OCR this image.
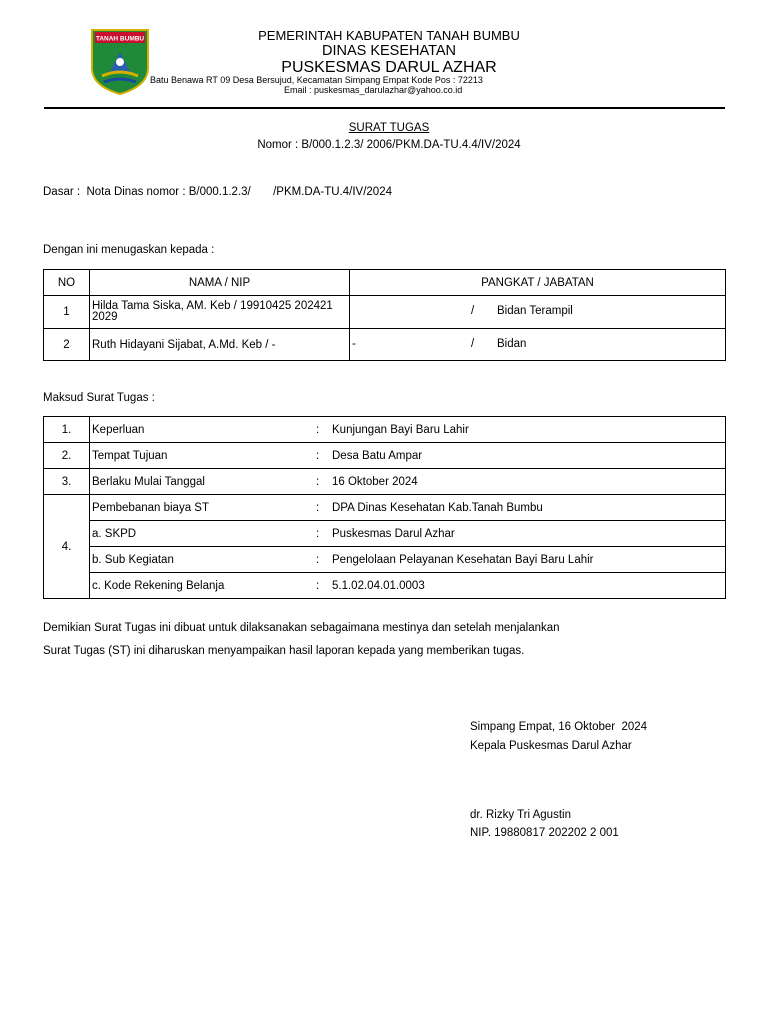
TANAH BUMBU	PEMERINTAH KABUPATEN TANAH BUMBU
DINAS KESEHATAN
PUSKESMAS DARUL AZHAR
Batu Benawa RT 09 Desa Bersujud, Kecamatan Simpang Empat Kode Pos : 72213
Email : puskesmas_darulazhar@yahoo.co.id
SURAT TUGAS
Nomor : B/000.1.2.3/ 2006/PKM.DA-TU.4.4/IV/2024
Dasar :  Nota Dinas nomor : B/000.1.2.3/       /PKM.DA-TU.4/IV/2024
Dengan ini menugaskan kepada :
NO	NAMA / NIP	PANGKAT / JABATAN
1	Hilda Tama Siska, AM. Keb / 19910425 202421 2029	/ Bidan Terampil

2	Ruth Hidayani Sijabat, A.Md. Keb / -	- / Bidan
Maksud Surat Tugas :
1.	Keperluan	:	Kunjungan Bayi Baru Lahir
2.	Tempat Tujuan	:	Desa Batu Ampar
3.	Berlaku Mulai Tanggal	:	16 Oktober 2024
4.	Pembebanan biaya ST	:	DPA Dinas Kesehatan Kab.Tanah Bumbu
	a. SKPD	:	Puskesmas Darul Azhar
	b. Sub Kegiatan	:	Pengelolaan Pelayanan Kesehatan Bayi Baru Lahir
	c. Kode Rekening Belanja	:	5.1.02.04.01.0003
Demikian Surat Tugas ini dibuat untuk dilaksanakan sebagaimana mestinya dan setelah menjalankan
Surat Tugas (ST) ini diharuskan menyampaikan hasil laporan kepada yang memberikan tugas.
Simpang Empat, 16 Oktober  2024
Kepala Puskesmas Darul Azhar
dr. Rizky Tri Agustin
NIP. 19880817 202202 2 001
